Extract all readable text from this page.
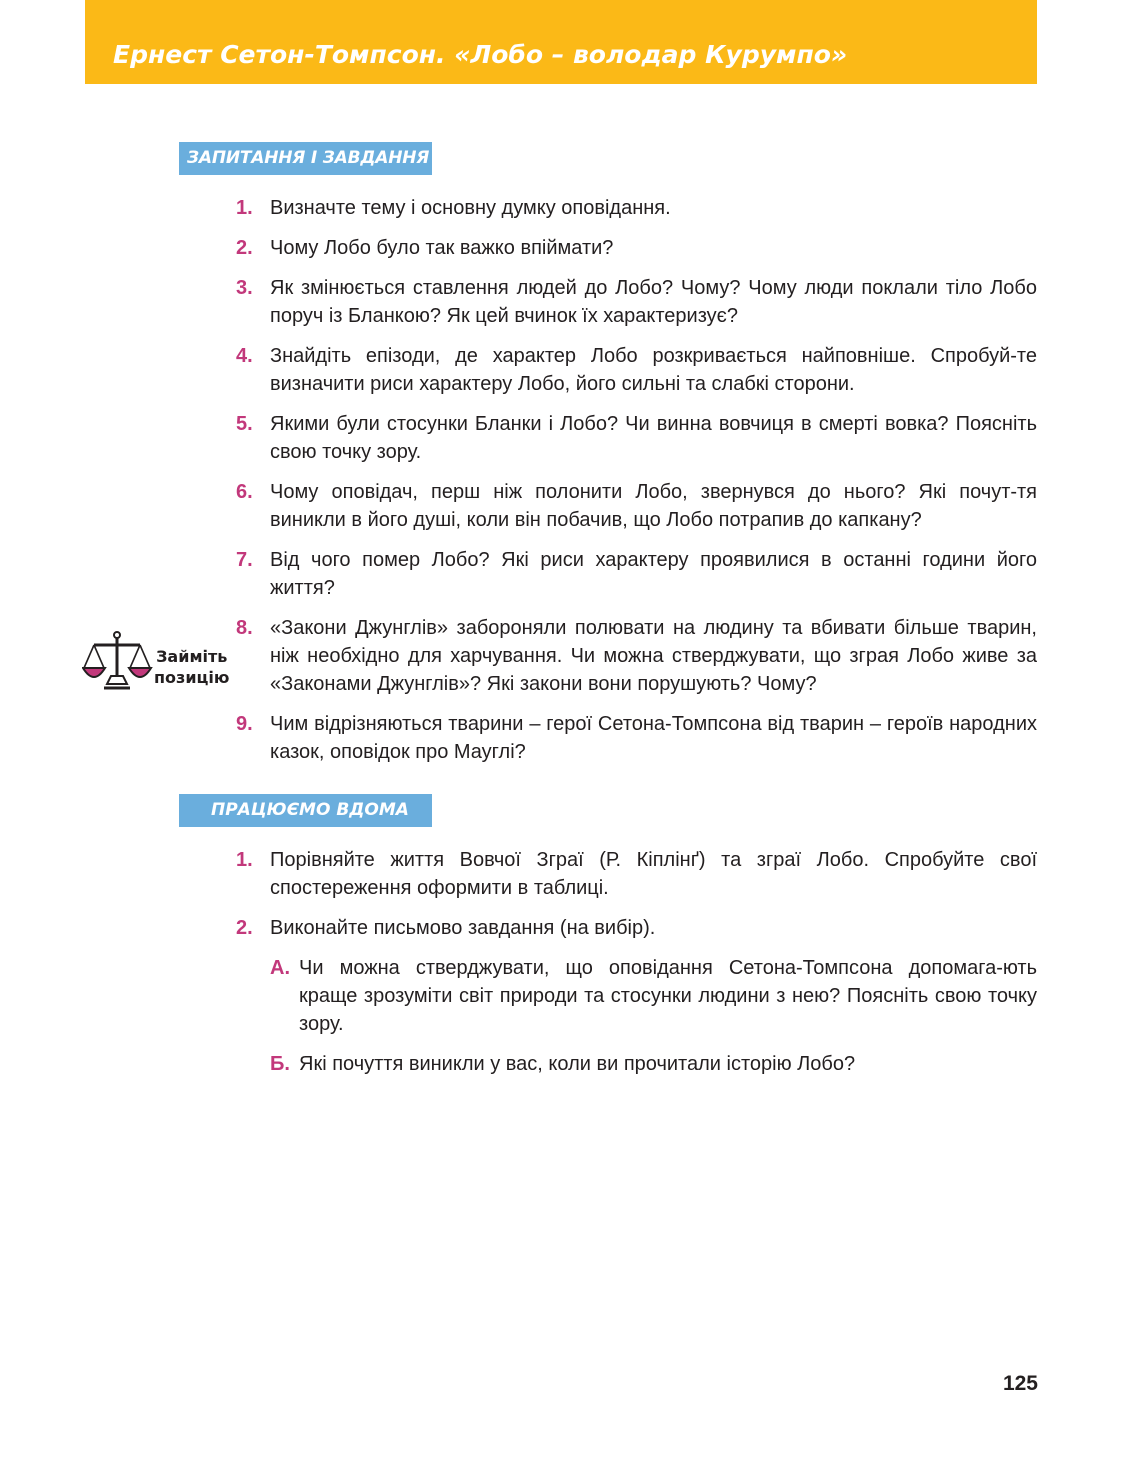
Ернест Сетон-Томпсон. «Лобо – володар Курумпо»
ЗАПИТАННЯ І ЗАВДАННЯ
1. Визначте тему і основну думку оповідання.
2. Чому Лобо було так важко впіймати?
3. Як змінюється ставлення людей до Лобо? Чому? Чому люди поклали тіло Лобо поруч із Бланкою? Як цей вчинок їх характеризує?
4. Знайдіть епізоди, де характер Лобо розкривається найповніше. Спробуй-те визначити риси характеру Лобо, його сильні та слабкі сторони.
5. Якими були стосунки Бланки і Лобо? Чи винна вовчиця в смерті вовка? Поясніть свою точку зору.
6. Чому оповідач, перш ніж полонити Лобо, звернувся до нього? Які почут-тя виникли в його душі, коли він побачив, що Лобо потрапив до капкану?
7. Від чого помер Лобо? Які риси характеру проявилися в останні години його життя?
8. «Закони Джунглів» забороняли полювати на людину та вбивати більше тварин, ніж необхідно для харчування. Чи можна стверджувати, що зграя Лобо живе за «Законами Джунглів»? Які закони вони порушують? Чому?
9. Чим відрізняються тварини – герої Сетона-Томпсона від тварин – героїв народних казок, оповідок про Мауглі?
Займіть
позицію
ПРАЦЮЄМО ВДОМА
1. Порівняйте життя Вовчої Зграї (Р. Кіплінґ) та зграї Лобо. Спробуйте свої спостереження оформити в таблиці.
2. Виконайте письмово завдання (на вибір).
А. Чи можна стверджувати, що оповідання Сетона-Томпсона допомага-ють краще зрозуміти світ природи та стосунки людини з нею? Поясніть свою точку зору.
Б. Які почуття виникли у вас, коли ви прочитали історію Лобо?
125
